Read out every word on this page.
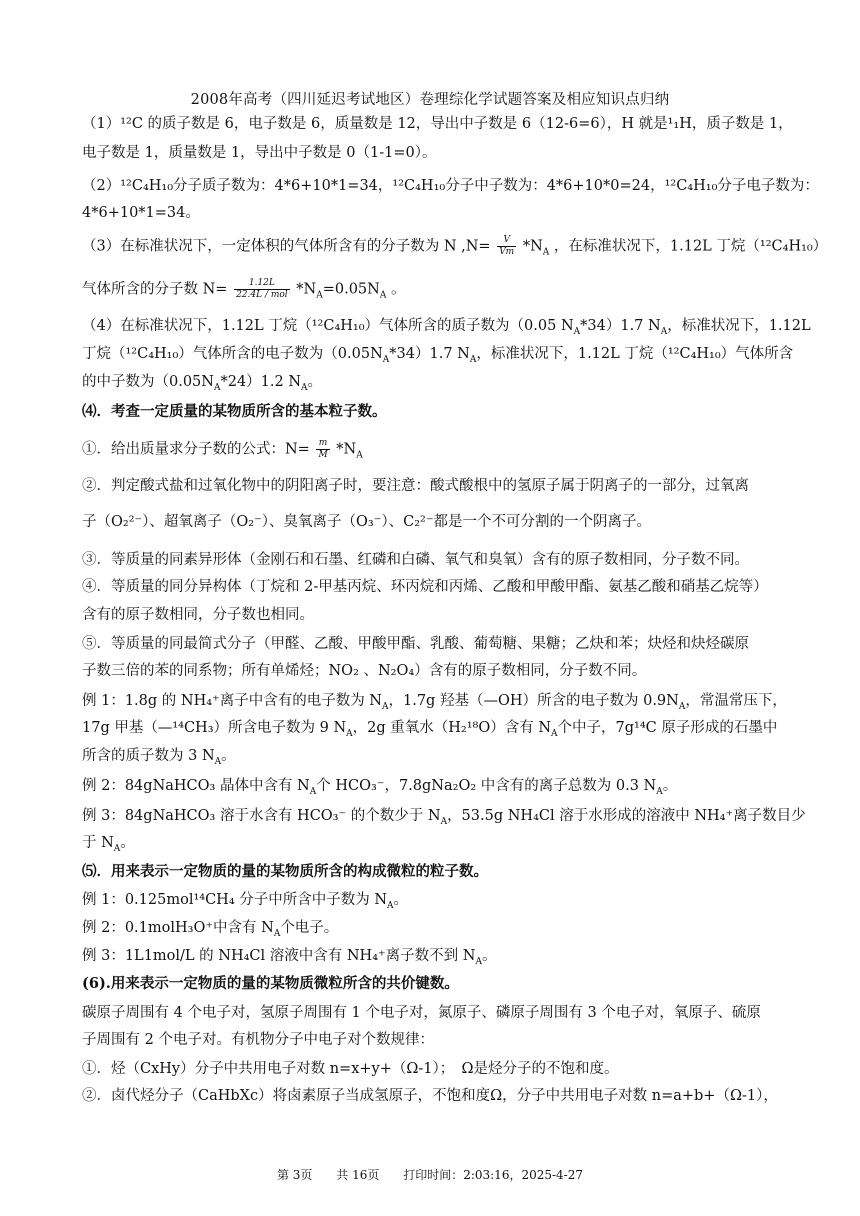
2008年高考（四川延迟考试地区）卷理综化学试题答案及相应知识点归纳
（1）¹²C 的质子数是 6，电子数是 6，质量数是 12，导出中子数是 6（12-6=6），H 就是¹₁H，质子数是 1，
电子数是 1，质量数是 1，导出中子数是 0（1-1=0）。
（2）¹²C₄H₁₀分子质子数为：4*6+10*1=34，¹²C₄H₁₀分子中子数为：4*6+10*0=24，¹²C₄H₁₀分子电子数为：
4*6+10*1=34。
（3）在标准状况下，一定体积的气体所含有的分子数为 N $,N= \frac{V}{Vm} *N_A$ ，在标准状况下，1.12L 丁烷（¹²C₄H₁₀）
气体所含的分子数 $N= \frac{1.12L}{\text{22.4L / mol}} *N_A=0.05N_A$ 。
（4）在标准状况下，1.12L 丁烷（¹²C₄H₁₀）气体所含的质子数为（0.05 $N_A*34)1.7$ $N_A$，标准状况下，1.12L
丁烷（¹²C₄H₁₀）气体所含的电子数为$(0.05N_A*34)1.7$ $N_A$，标准状况下，1.12L 丁烷（¹²C₄H₁₀）气体所含
的中子数为$(0.05N_A*24)1.2$ $N_A$。
⑷．考查一定质量的某物质所含的基本粒子数。
①．给出质量求分子数的公式：$N= \frac{m}{M} *N_A$
②．判定酸式盐和过氧化物中的阴阳离子时，要注意：酸式酸根中的氢原子属于阴离子的一部分，过氧离
子（O₂²⁻）、超氧离子（O₂⁻）、臭氧离子（O₃⁻）、C₂²⁻都是一个不可分割的一个阴离子。
③．等质量的同素异形体（金刚石和石墨、红磷和白磷、氧气和臭氧）含有的原子数相同，分子数不同。
④．等质量的同分异构体（丁烷和 2-甲基丙烷、环丙烷和丙烯、乙酸和甲酸甲酯、氨基乙酸和硝基乙烷等）
含有的原子数相同，分子数也相同。
⑤．等质量的同最简式分子（甲醛、乙酸、甲酸甲酯、乳酸、葡萄糖、果糖；乙炔和苯；炔烃和炔烃碳原
子数三倍的苯的同系物；所有单烯烃；NO₂ 、N₂O₄）含有的原子数相同，分子数不同。
例 1：1.8g 的 NH₄⁺离子中含有的电子数为 $N_A$，1.7g 羟基（—OH）所含的电子数为 $0.9N_A$，常温常压下，
17g 甲基（—¹⁴CH₃）所含电子数为 9 $N_A$，2g 重氧水（H₂¹⁸O）含有 $N_A$个中子，7g¹⁴C 原子形成的石墨中
所含的质子数为 3 $N_A$。
例 2：84gNaHCO₃ 晶体中含有 $N_A$个 HCO₃⁻，7.8gNa₂O₂ 中含有的离子总数为 0.3 $N_A$。
例 3：84gNaHCO₃ 溶于水含有 HCO₃⁻ 的个数少于 $N_A$，53.5g NH₄Cl 溶于水形成的溶液中 NH₄⁺离子数目少
于 $N_A$。
⑸．用来表示一定物质的量的某物质所含的构成微粒的粒子数。
例 1：0.125mol¹⁴CH₄ 分子中所含中子数为 $N_A$。
例 2：0.1molH₃O⁺中含有 $N_A$个电子。
例 3：1L1mol/L 的 NH₄Cl 溶液中含有 NH₄⁺离子数不到 $N_A$。
(6).用来表示一定物质的量的某物质微粒所含的共价键数。
碳原子周围有 4 个电子对，氢原子周围有 1 个电子对，氮原子、磷原子周围有 3 个电子对，氧原子、硫原
子周围有 2 个电子对。有机物分子中电子对个数规律：
①．烃（CxHy）分子中共用电子对数 n=x+y+（Ω-1）；　Ω是烃分子的不饱和度。
②．卤代烃分子（CaHbXc）将卤素原子当成氢原子，不饱和度Ω，分子中共用电子对数 n=a+b+（Ω-1），
第 3页 共 16页 打印时间：2:03:16，2025-4-27
